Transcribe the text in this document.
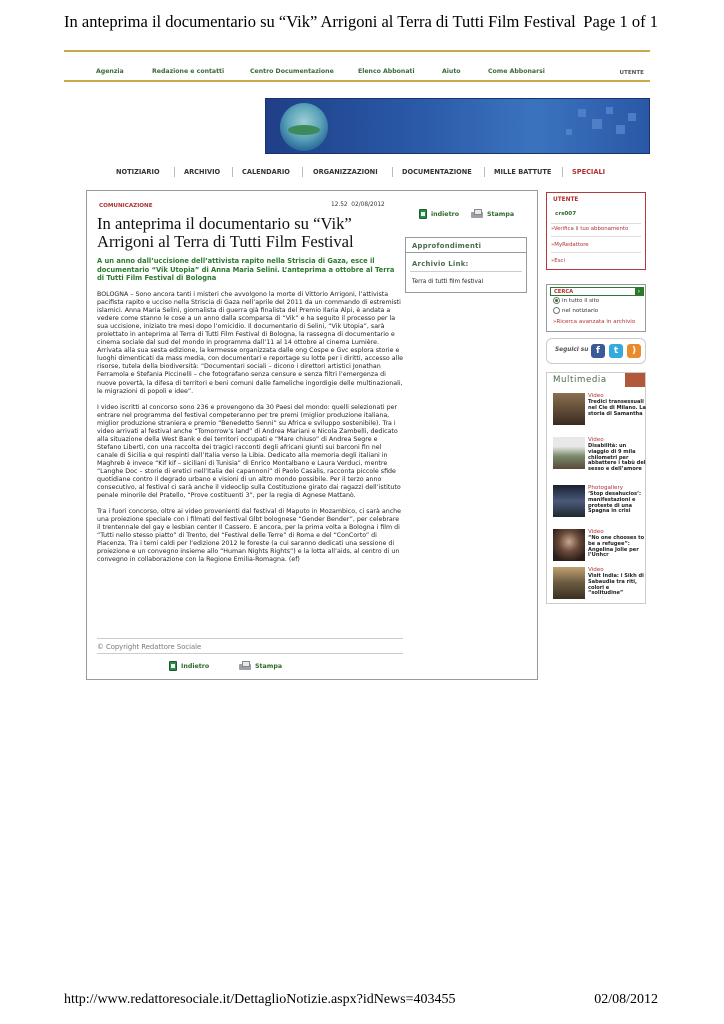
In anteprima il documentario su “Vik” Arrigoni al Terra di Tutti Film Festival Page 1 of 1
Agenzia	Redazione e contatti	Centro Documentazione	Elenco Abbonati	Aiuto	Come Abbonarsi	UTENTE
NOTIZIARIO	ARCHIVIO	CALENDARIO	ORGANIZZAZIONI	DOCUMENTAZIONE	MILLE BATTUTE	SPECIALI
COMUNICAZIONE	12.52 02/08/2012
indietro	Stampa
In anteprima il documentario su “Vik” Arrigoni al Terra di Tutti Film Festival
A un anno dall’uccisione dell’attivista rapito nella Striscia di Gaza, esce il documentario “Vik Utopia” di Anna Maria Selini. L’anteprima a ottobre al Terra di Tutti Film Festival di Bologna

BOLOGNA – Sono ancora tanti i misteri che avvolgono la morte di Vittorio Arrigoni, l’attivista pacifista rapito e ucciso nella Striscia di Gaza nell’aprile del 2011 da un commando di estremisti islamici. Anna Maria Selini, giornalista di guerra già finalista del Premio Ilaria Alpi, è andata a vedere come stanno le cose a un anno dalla scomparsa di “Vik” e ha seguito il processo per la sua uccisione, iniziato tre mesi dopo l’omicidio. Il documentario di Selini, “Vik Utopia”, sarà proiettato in anteprima al Terra di Tutti Film Festival di Bologna, la rassegna di documentario e cinema sociale dal sud del mondo in programma dall’11 al 14 ottobre al cinema Lumière. Arrivata alla sua sesta edizione, la kermesse organizzata dalle ong Cospe e Gvc esplora storie e luoghi dimenticati da mass media, con documentari e reportage su lotte per i diritti, accesso alle risorse, tutela della biodiversità: “Documentari sociali – dicono i direttori artistici Jonathan Ferramola e Stefania Piccinelli – che fotografano senza censure e senza filtri l’emergenza di nuove povertà, la difesa di territori e beni comuni dalle fameliche ingordigie delle multinazionali, le migrazioni di popoli e idee”.

I video iscritti al concorso sono 236 e provengono da 30 Paesi del mondo: quelli selezionati per entrare nel programma del festival competeranno per tre premi (miglior produzione italiana, miglior produzione straniera e premio “Benedetto Senni” su Africa e sviluppo sostenibile). Tra i video arrivati al festival anche “Tomorrow’s land” di Andrea Mariani e Nicola Zambelli, dedicato alla situazione della West Bank e dei territori occupati e “Mare chiuso” di Andrea Segre e Stefano Liberti, con una raccolta dei tragici racconti degli africani giunti sui barconi fin nel canale di Sicilia e qui respinti dall’Italia verso la Libia. Dedicato alla memoria degli italiani in Maghreb è invece “Kif kif – siciliani di Tunisia” di Enrico Montalbano e Laura Verduci, mentre “Langhe Doc – storie di eretici nell’Italia dei capannoni” di Paolo Casalis, racconta piccole sfide quotidiane contro il degrado urbano e visioni di un altro mondo possibile. Per il terzo anno consecutivo, al festival ci sarà anche il videoclip sulla Costituzione girato dai ragazzi dell’istituto penale minorile del Pratello, “Prove costituenti 3”, per la regia di Agnese Mattanò.

Tra i fuori concorso, oltre ai video provenienti dal festival di Maputo in Mozambico, ci sarà anche una proiezione speciale con i filmati del festival Glbt bolognese “Gender Bender”, per celebrare il trentennale del gay e lesbian center Il Cassero. E ancora, per la prima volta a Bologna i film di “Tutti nello stesso piatto” di Trento, del “Festival delle Terre” di Roma e del “ConCorto” di Piacenza. Tra i temi caldi per l’edizione 2012 le foreste (a cui saranno dedicati una sessione di proiezione e un convegno insieme allo “Human Nights Rights”) e la lotta all’aids, al centro di un convegno in collaborazione con la Regione Emilia-Romagna. (ef)

Approfondimenti
Archivio Link:
Terra di tutti film festival
© Copyright Redattore Sociale
Indietro	Stampa
UTENTE
crs007
»Verifica il tuo abbonamento
»MyRedattore
»Esci
CERCA	›
in tutto il sito
nel notiziario
»Ricerca avanzata in archivio
Seguici su f	t	)
Multimedia
Video
Tredici transessuali nel Cie di Milano. La storia di Samantha
Video
Disabilità: un viaggio di 9 mila chilometri per abbattere i tabù del sesso e dell’amore
Photogallery
‘Stop desahucios’: manifestazioni e proteste di una Spagna in crisi
Video
“No one chooses to be a refugee”: Angelina Jolie per l’Unhcr
Video
Visit India: i Sikh di Sabaudia tra riti, colori e “solitudine”
http://www.redattoresociale.it/DettaglioNotizie.aspx?idNews=403455	02/08/2012
